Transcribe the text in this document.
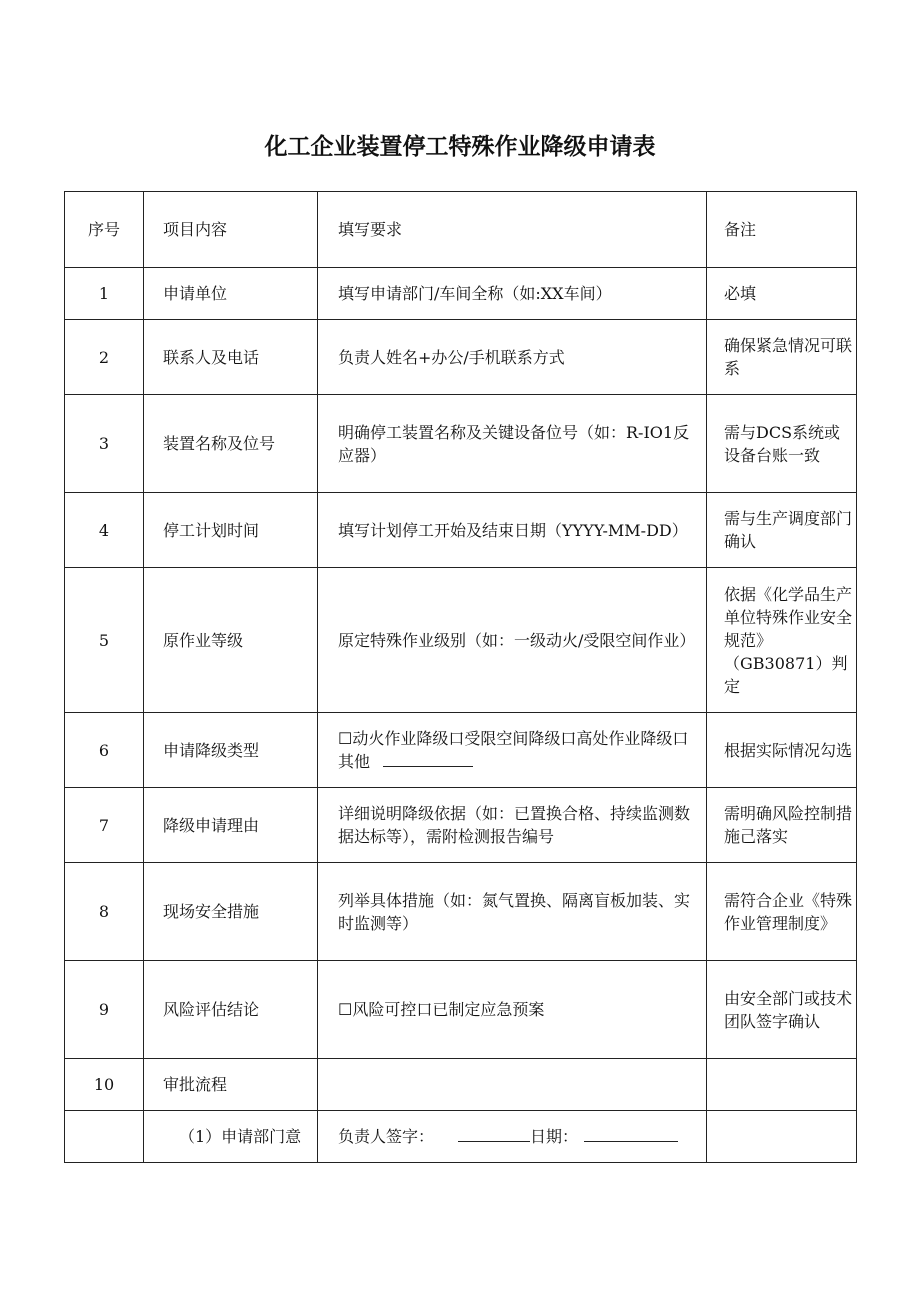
化工企业装置停工特殊作业降级申请表
序号	项目内容	填写要求	备注
1	申请单位	填写申请部门/车间全称（如:XX车间）	必填
2	联系人及电话	负责人姓名+办公/手机联系方式	确保紧急情况可联系
3	装置名称及位号	明确停工装置名称及关键设备位号（如：R-IO1反应器）	需与DCS系统或设备台账一致
4	停工计划时间	填写计划停工开始及结束日期（YYYY-MM-DD）	需与生产调度部门确认
5	原作业等级	原定特殊作业级别（如：一级动火/受限空间作业）	依据《化学品生产单位特殊作业安全规范》（GB30871）判定
6	申请降级类型	☐动火作业降级口受限空间降级口高处作业降级口其他	根据实际情况勾选
7	降级申请理由	详细说明降级依据（如：已置换合格、持续监测数据达标等），需附检测报告编号	需明确风险控制措施己落实
8	现场安全措施	列举具体措施（如：氮气置换、隔离盲板加装、实时监测等）	需符合企业《特殊作业管理制度》
9	风险评估结论	☐风险可控口已制定应急预案	由安全部门或技术团队签字确认
10	审批流程		
	（1）申请部门意	负责人签字： 日期：	
